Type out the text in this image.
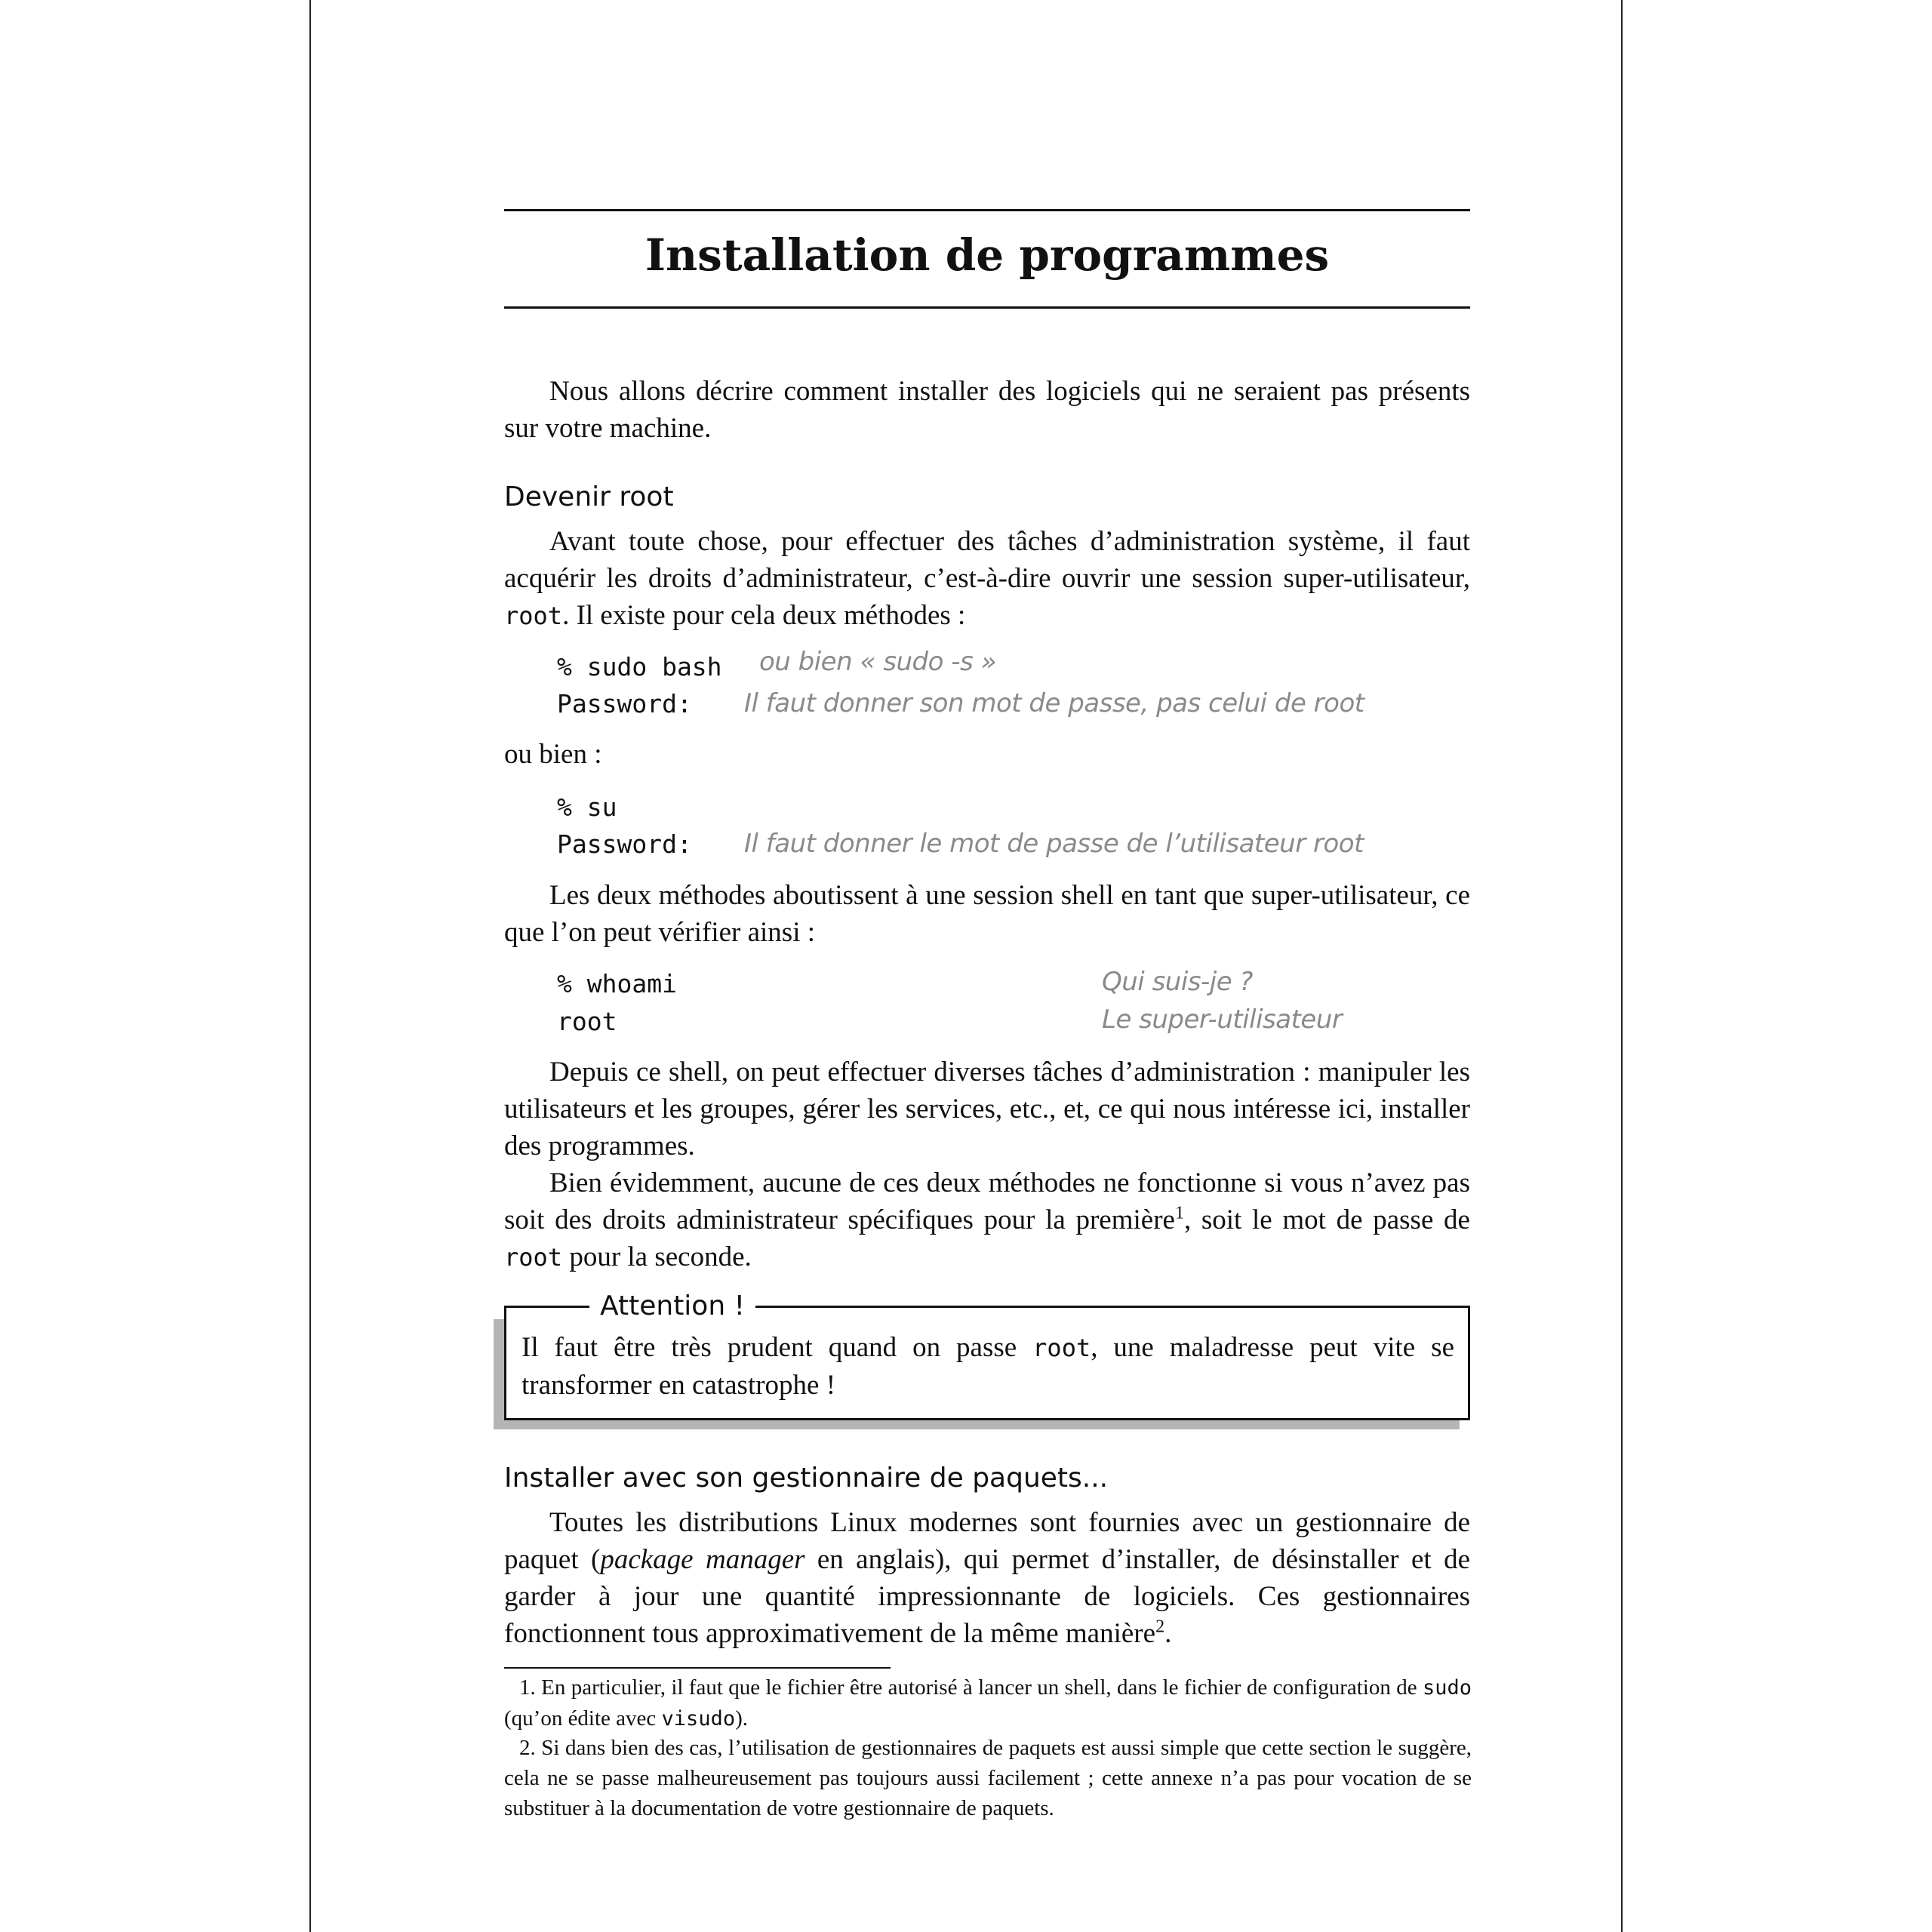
Installation de programmes

Nous allons décrire comment installer des logiciels qui ne seraient pas présents sur votre machine.

Devenir root

Avant toute chose, pour effectuer des tâches d’administration système, il faut acquérir les droits d’administrateur, c’est-à-dire ouvrir une session super-utilisateur, root. Il existe pour cela deux méthodes :

% sudo bash ou bien « sudo -s »
Password: Il faut donner son mot de passe, pas celui de root
ou bien :
% su
Password: Il faut donner le mot de passe de l’utilisateur root

Les deux méthodes aboutissent à une session shell en tant que super-utilisateur, ce que l’on peut vérifier ainsi :

% whoami	Qui suis-je ?
root	Le super-utilisateur

Depuis ce shell, on peut effectuer diverses tâches d’administration : manipuler les utilisateurs et les groupes, gérer les services, etc., et, ce qui nous intéresse ici, installer des programmes.

Bien évidemment, aucune de ces deux méthodes ne fonctionne si vous n’avez pas soit des droits administrateur spécifiques pour la première$^1$, soit le mot de passe de root pour la seconde.

Attention !

Il faut être très prudent quand on passe root, une maladresse peut vite se transformer en catastrophe !

Installer avec son gestionnaire de paquets...

Toutes les distributions Linux modernes sont fournies avec un gestionnaire de paquet (package manager en anglais), qui permet d’installer, de désinstaller et de garder à jour une quantité impressionnante de logiciels. Ces gestionnaires fonctionnent tous approximativement de la même manière$^2$.

1. En particulier, il faut que le fichier être autorisé à lancer un shell, dans le fichier de configuration de sudo (qu’on édite avec visudo).

2. Si dans bien des cas, l’utilisation de gestionnaires de paquets est aussi simple que cette section le suggère, cela ne se passe malheureusement pas toujours aussi facilement ; cette annexe n’a pas pour vocation de se substituer à la documentation de votre gestionnaire de paquets.
